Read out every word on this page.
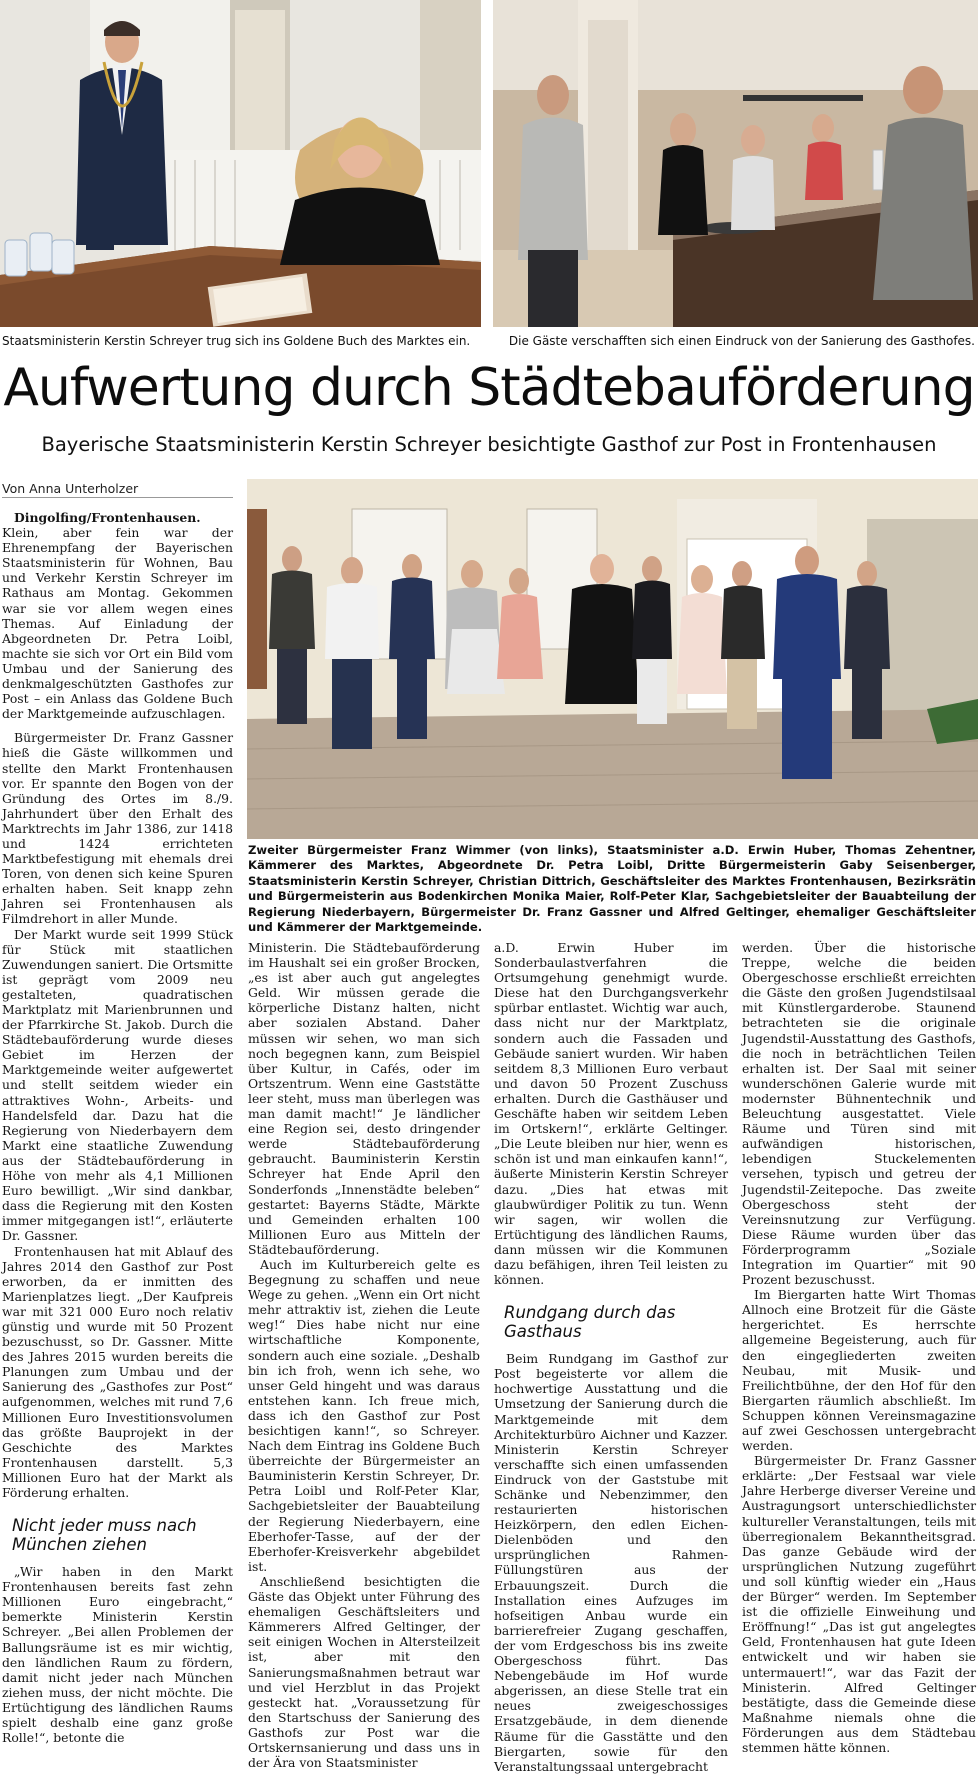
Staatsministerin Kerstin Schreyer trug sich ins Goldene Buch des Marktes ein.	Die Gäste verschafften sich einen Eindruck von der Sanierung des Gasthofes.
Aufwertung durch Städtebauförderung
Bayerische Staatsministerin Kerstin Schreyer besichtigte Gasthof zur Post in Frontenhausen
Von Anna Unterholzer
Zweiter Bürgermeister Franz Wimmer (von links), Staatsminister a.D. Erwin Huber, Thomas Zehentner, Kämmerer des Marktes, Abgeordnete Dr. Petra Loibl, Dritte Bürgermeisterin Gaby Seisenberger, Staatsministerin Kerstin Schreyer, Christian Dittrich, Geschäftsleiter des Marktes Frontenhausen, Bezirksrätin und Bürgermeisterin aus Bodenkirchen Monika Maier, Rolf-Peter Klar, Sachgebietsleiter der Bauabteilung der Regierung Niederbayern, Bürgermeister Dr. Franz Gassner und Alfred Geltinger, ehemaliger Geschäftsleiter und Kämmerer der Marktgemeinde.

Dingolfing/Frontenhausen.

Klein, aber fein war der Ehrenempfang der Bayerischen Staatsministerin für Wohnen, Bau und Verkehr Kerstin Schreyer im Rathaus am Montag. Gekommen war sie vor allem wegen eines Themas. Auf Einladung der Abgeordneten Dr. Petra Loibl, machte sie sich vor Ort ein Bild vom Umbau und der Sanierung des denkmalgeschützten Gasthofes zur Post – ein Anlass das Goldene Buch der Marktgemeinde aufzuschlagen.

Bürgermeister Dr. Franz Gassner hieß die Gäste willkommen und stellte den Markt Frontenhausen vor. Er spannte den Bogen von der Gründung des Ortes im 8./9. Jahrhundert über den Erhalt des Marktrechts im Jahr 1386, zur 1418 und 1424 errichteten Marktbefestigung mit ehemals drei Toren, von denen sich keine Spuren erhalten haben. Seit knapp zehn Jahren sei Frontenhausen als Filmdrehort in aller Munde.

Der Markt wurde seit 1999 Stück für Stück mit staatlichen Zuwendungen saniert. Die Ortsmitte ist geprägt vom 2009 neu gestalteten, quadratischen Marktplatz mit Marienbrunnen und der Pfarrkirche St. Jakob. Durch die Städtebauförderung wurde dieses Gebiet im Herzen der Marktgemeinde weiter aufgewertet und stellt seitdem wieder ein attraktives Wohn-, Arbeits- und Handelsfeld dar. Dazu hat die Regierung von Niederbayern dem Markt eine staatliche Zuwendung aus der Städtebauförderung in Höhe von mehr als 4,1 Millionen Euro bewilligt. „Wir sind dankbar, dass die Regierung mit den Kosten immer mitgegangen ist!“, erläuterte Dr. Gassner.

Frontenhausen hat mit Ablauf des Jahres 2014 den Gasthof zur Post erworben, da er inmitten des Marienplatzes liegt. „Der Kaufpreis war mit 321 000 Euro noch relativ günstig und wurde mit 50 Prozent bezuschusst, so Dr. Gassner. Mitte des Jahres 2015 wurden bereits die Planungen zum Umbau und der Sanierung des „Gasthofes zur Post“ aufgenommen, welches mit rund 7,6 Millionen Euro Investitionsvolumen das größte Bauprojekt in der Geschichte des Marktes Frontenhausen darstellt. 5,3 Millionen Euro hat der Markt als Förderung erhalten.

Nicht jeder muss nach München ziehen

„Wir haben in den Markt Frontenhausen bereits fast zehn Millionen Euro eingebracht,“ bemerkte Ministerin Kerstin Schreyer. „Bei allen Problemen der Ballungsräume ist es mir wichtig, den ländlichen Raum zu fördern, damit nicht jeder nach München ziehen muss, der nicht möchte. Die Ertüchtigung des ländlichen Raums spielt deshalb eine ganz große Rolle!“, betonte die

Ministerin. Die Städtebauförderung im Haushalt sei ein großer Brocken, „es ist aber auch gut angelegtes Geld. Wir müssen gerade die körperliche Distanz halten, nicht aber sozialen Abstand. Daher müssen wir sehen, wo man sich noch begegnen kann, zum Beispiel über Kultur, in Cafés, oder im Ortszentrum. Wenn eine Gaststätte leer steht, muss man überlegen was man damit macht!“ Je ländlicher eine Region sei, desto dringender werde Städtebauförderung gebraucht. Bauministerin Kerstin Schreyer hat Ende April den Sonderfonds „Innenstädte beleben“ gestartet: Bayerns Städte, Märkte und Gemeinden erhalten 100 Millionen Euro aus Mitteln der Städtebauförderung.

Auch im Kulturbereich gelte es Begegnung zu schaffen und neue Wege zu gehen. „Wenn ein Ort nicht mehr attraktiv ist, ziehen die Leute weg!“ Dies habe nicht nur eine wirtschaftliche Komponente, sondern auch eine soziale. „Deshalb bin ich froh, wenn ich sehe, wo unser Geld hingeht und was daraus entstehen kann. Ich freue mich, dass ich den Gasthof zur Post besichtigen kann!“, so Schreyer. Nach dem Eintrag ins Goldene Buch überreichte der Bürgermeister an Bauministerin Kerstin Schreyer, Dr. Petra Loibl und Rolf-Peter Klar, Sachgebietsleiter der Bauabteilung der Regierung Niederbayern, eine Eberhofer-Tasse, auf der der Eberhofer-Kreisverkehr abgebildet ist.

Anschließend besichtigten die Gäste das Objekt unter Führung des ehemaligen Geschäftsleiters und Kämmerers Alfred Geltinger, der seit einigen Wochen in Altersteilzeit ist, aber mit den Sanierungsmaßnahmen betraut war und viel Herzblut in das Projekt gesteckt hat. „Voraussetzung für den Startschuss der Sanierung des Gasthofs zur Post war die Ortskernsanierung und dass uns in der Ära von Staatsminister

a.D. Erwin Huber im Sonderbaulastverfahren die Ortsumgehung genehmigt wurde. Diese hat den Durchgangsverkehr spürbar entlastet. Wichtig war auch, dass nicht nur der Marktplatz, sondern auch die Fassaden und Gebäude saniert wurden. Wir haben seitdem 8,3 Millionen Euro verbaut und davon 50 Prozent Zuschuss erhalten. Durch die Gasthäuser und Geschäfte haben wir seitdem Leben im Ortskern!“, erklärte Geltinger. „Die Leute bleiben nur hier, wenn es schön ist und man einkaufen kann!“, äußerte Ministerin Kerstin Schreyer dazu. „Dies hat etwas mit glaubwürdiger Politik zu tun. Wenn wir sagen, wir wollen die Ertüchtigung des ländlichen Raums, dann müssen wir die Kommunen dazu befähigen, ihren Teil leisten zu können.

Rundgang durch das Gasthaus

Beim Rundgang im Gasthof zur Post begeisterte vor allem die hochwertige Ausstattung und die Umsetzung der Sanierung durch die Marktgemeinde mit dem Architekturbüro Aichner und Kazzer. Ministerin Kerstin Schreyer verschaffte sich einen umfassenden Eindruck von der Gaststube mit Schänke und Nebenzimmer, den restaurierten historischen Heizkörpern, den edlen Eichen-Dielenböden und den ursprünglichen Rahmen-Füllungstüren aus der Erbauungszeit. Durch die Installation eines Aufzuges im hofseitigen Anbau wurde ein barrierefreier Zugang geschaffen, der vom Erdgeschoss bis ins zweite Obergeschoss führt. Das Nebengebäude im Hof wurde abgerissen, an diese Stelle trat ein neues zweigeschossiges Ersatzgebäude, in dem dienende Räume für die Gasstätte und den Biergarten, sowie für den Veranstaltungssaal untergebracht

werden. Über die historische Treppe, welche die beiden Obergeschosse erschließt erreichten die Gäste den großen Jugendstilsaal mit Künstlergarderobe. Staunend betrachteten sie die originale Jugendstil-Ausstattung des Gasthofs, die noch in beträchtlichen Teilen erhalten ist. Der Saal mit seiner wunderschönen Galerie wurde mit modernster Bühnentechnik und Beleuchtung ausgestattet. Viele Räume und Türen sind mit aufwändigen historischen, lebendigen Stuckelementen versehen, typisch und getreu der Jugendstil-Zeitepoche. Das zweite Obergeschoss steht der Vereinsnutzung zur Verfügung. Diese Räume wurden über das Förderprogramm „Soziale Integration im Quartier“ mit 90 Prozent bezuschusst.

Im Biergarten hatte Wirt Thomas Allnoch eine Brotzeit für die Gäste hergerichtet. Es herrschte allgemeine Begeisterung, auch für den eingegliederten zweiten Neubau, mit Musik- und Freilichtbühne, der den Hof für den Biergarten räumlich abschließt. Im Schuppen können Vereinsmagazine auf zwei Geschossen untergebracht werden.

Bürgermeister Dr. Franz Gassner erklärte: „Der Festsaal war viele Jahre Herberge diverser Vereine und Austragungsort unterschiedlichster kultureller Veranstaltungen, teils mit überregionalem Bekanntheitsgrad. Das ganze Gebäude wird der ursprünglichen Nutzung zugeführt und soll künftig wieder ein „Haus der Bürger“ werden. Im September ist die offizielle Einweihung und Eröffnung!“ „Das ist gut angelegtes Geld, Frontenhausen hat gute Ideen entwickelt und wir haben sie untermauert!“, war das Fazit der Ministerin. Alfred Geltinger bestätigte, dass die Gemeinde diese Maßnahme niemals ohne die Förderungen aus dem Städtebau stemmen hätte können.
